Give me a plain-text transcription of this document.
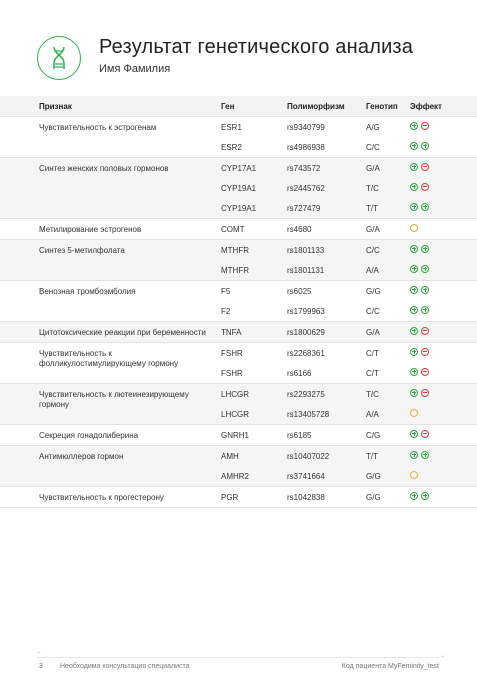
Результат генетического анализа
Имя Фамилия
Признак	Ген	Полиморфизм	Генотип Эффект
Чувствительность к эстрогенам	ESR1	rs9340799	A/G
ESR2	rs4986938	C/C
Синтез женских половых гормонов	CYP17A1	rs743572	G/A
CYP19A1	rs2445762	T/C
CYP19A1	rs727479	T/T
Метилирование эстрогенов	COMT	rs4680	G/A
Синтез 5-метилфолата	MTHFR	rs1801133	C/C
MTHFR	rs1801131	A/A
Венозная тромбоэмболия	F5	rs6025	G/G
F2	rs1799963	C/C
Цитотоксические реакции при беременности	TNFA	rs1800629	G/A
Чувствительность к фолликулостимулирующему гормону
FSHR	rs2268361	C/T
FSHR	rs6166	C/T
Чувствительность к лютеинезирующему гормону
LHCGR	rs2293275	T/C
LHCGR	rs13405728	A/A
Секреция гонадолиберина	GNRH1	rs6185	C/G
Антимюллеров гормон	AMH	rs10407022	T/T
AMHR2	rs3741664	G/G
Чувствительность к прогестерону	PGR	rs1042838	G/G
⌐
⌐
3 Необходима консультация специалиста	Код пациента MyFeminity_test
